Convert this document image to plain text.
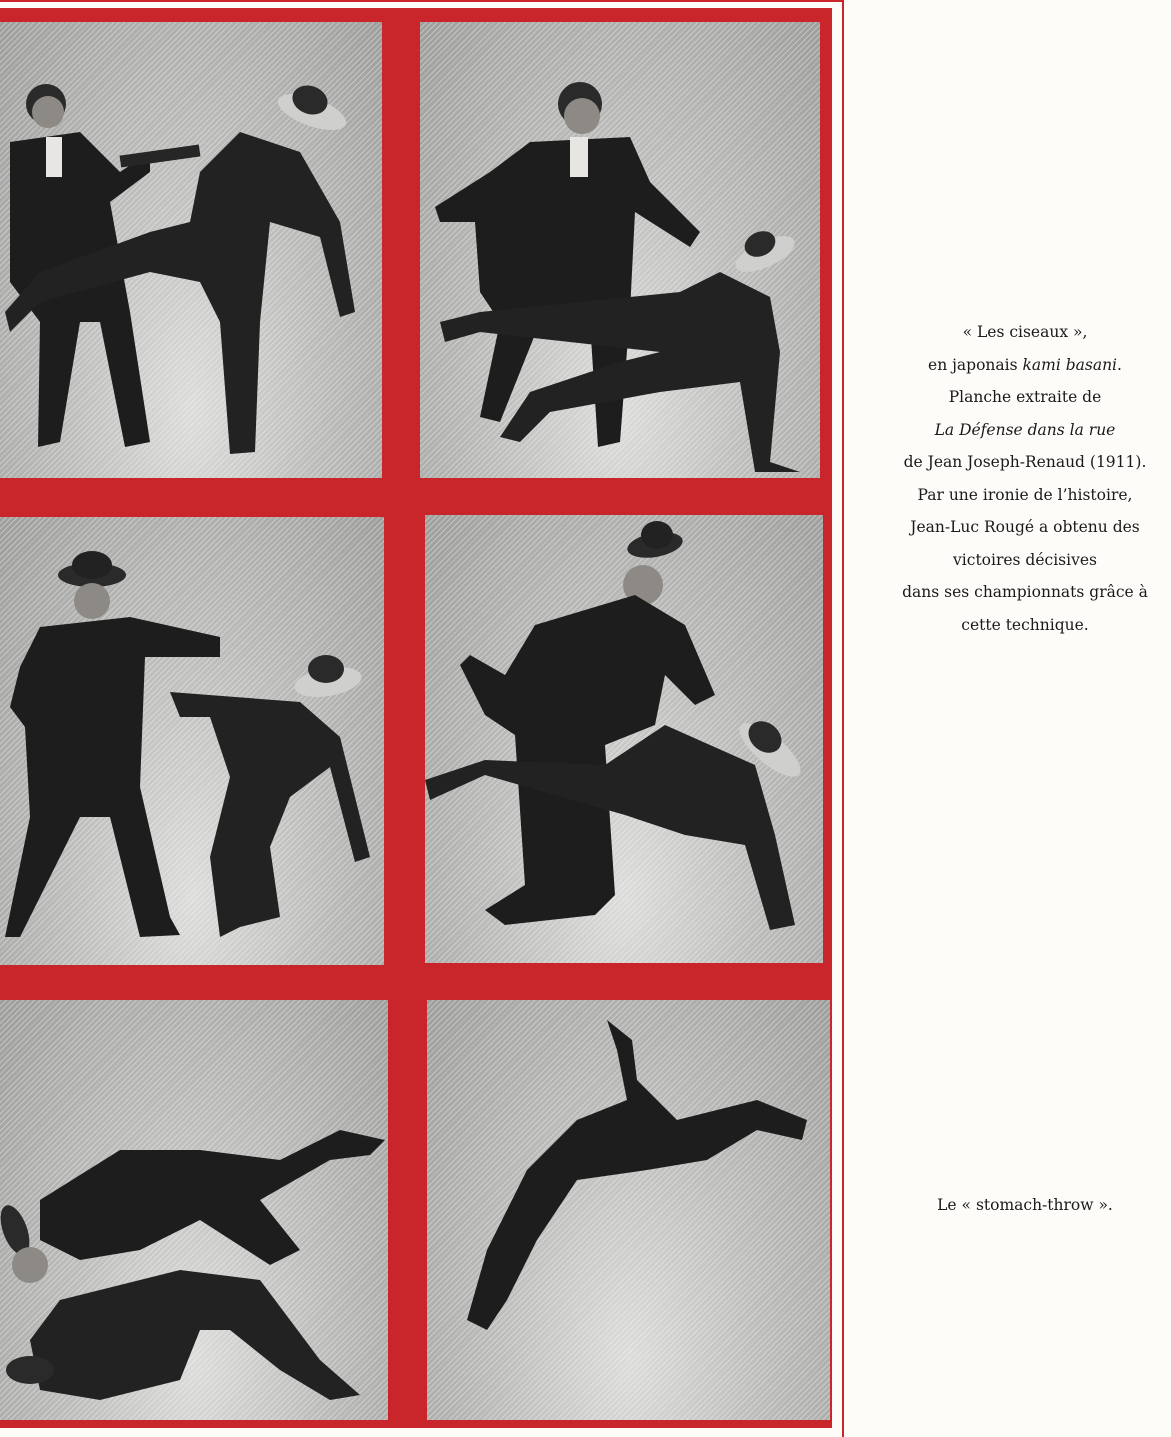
« Les ciseaux »,
en japonais kami basani.
Planche extraite de
La Défense dans la rue
de Jean Joseph-Renaud (1911).
Par une ironie de l’histoire,
Jean-Luc Rougé a obtenu des
victoires décisives
dans ses championnats grâce à
cette technique.
Le « stomach-throw ».
